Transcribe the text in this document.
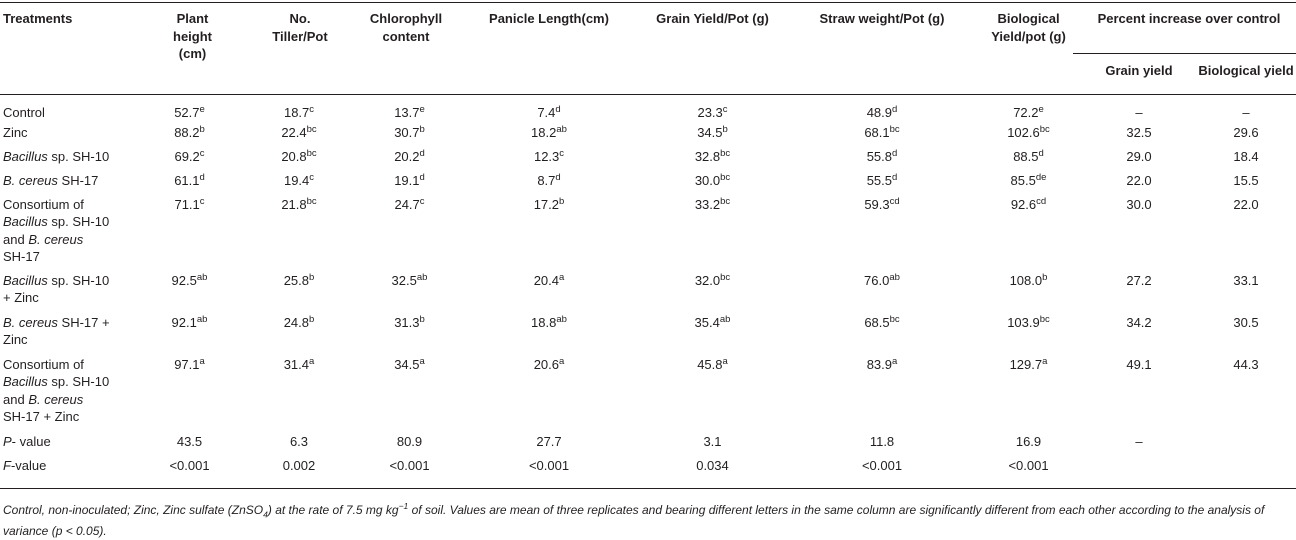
Treatments	Plant height (cm)	No. Tiller/Pot	Chlorophyll content	Panicle Length(cm)	Grain Yield/Pot (g)	Straw weight/Pot (g)	Biological Yield/pot (g)	Percent increase over control	
								Grain yield	Biological yield
Control	52.7e	18.7$^c$	13.7e	7.4$^d$	23.3$^c$	48.9$^d$	72.2e	–	–
Zinc	88.2$^b$	22.4$^{bc}$	30.7$^b$	18.2$^{ab}$	34.5$^b$	68.1$^{bc}$	102.6$^{bc}$	32.5	29.6
Bacillus sp. SH-10	69.2$^c$	20.8$^{bc}$	20.2$^d$	12.3$^c$	32.8$^{bc}$	55.8$^d$	88.5$^d$	29.0	18.4
B. cereus SH-17	61.1$^d$	19.4$^c$	19.1$^d$	8.7$^d$	30.0$^{bc}$	55.5$^d$	85.5de	22.0	15.5
Consortium of
Bacillus sp. SH-10
and B. cereus
SH-17	71.1$^c$	21.8$^{bc}$	24.7$^c$	17.2$^b$	33.2$^{bc}$	59.3$^{cd}$	92.6$^{cd}$	30.0	22.0
Bacillus sp. SH-10
+ Zinc	92.5$^{ab}$	25.8$^b$	32.5$^{ab}$	20.4$^a$	32.0$^{bc}$	76.0$^{ab}$	108.0$^b$	27.2	33.1
B. cereus SH-17 +
Zinc	92.1$^{ab}$	24.8$^b$	31.3$^b$	18.8$^{ab}$	35.4$^{ab}$	68.5$^{bc}$	103.9$^{bc}$	34.2	30.5
Consortium of
Bacillus sp. SH-10
and B. cereus
SH-17 + Zinc	97.1$^a$	31.4$^a$	34.5$^a$	20.6$^a$	45.8$^a$	83.9$^a$	129.7$^a$	49.1	44.3
P- value	43.5	6.3	80.9	27.7	3.1	11.8	16.9	–	
F-value	<0.001	0.002	<0.001	<0.001	0.034	<0.001	<0.001		
Control, non-inoculated; Zinc, Zinc sulfate (ZnSO$_4$) at the rate of 7.5 mg $kg^{-1}$ of soil. Values are mean of three replicates and bearing different letters in the same column are significantly different from each other according to the analysis of variance (p < 0.05).
